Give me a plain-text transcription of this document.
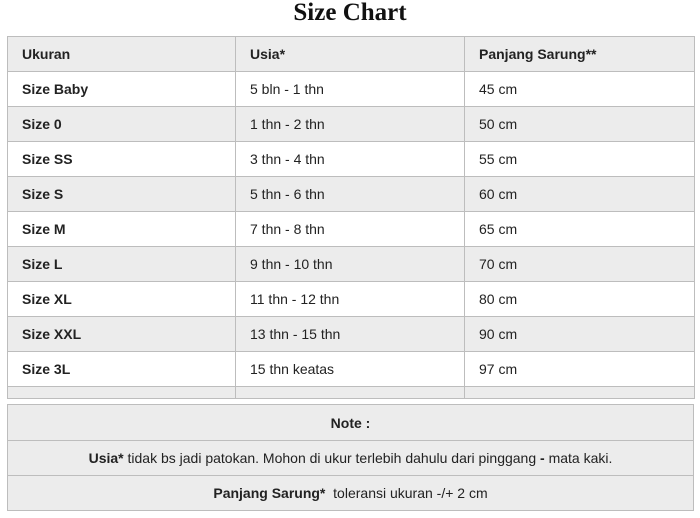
Size Chart
Ukuran	Usia*	Panjang Sarung**
Size Baby	5 bln - 1 thn	45 cm
Size 0	1 thn - 2 thn	50 cm
Size SS	3 thn - 4 thn	55 cm
Size S	5 thn - 6 thn	60 cm
Size M	7 thn - 8 thn	65 cm
Size L	9 thn - 10 thn	70 cm
Size XL	11 thn - 12 thn	80 cm
Size XXL	13 thn - 15 thn	90 cm
Size 3L	15 thn keatas	97 cm

Note :
Usia* tidak bs jadi patokan. Mohon di ukur terlebih dahulu dari pinggang - mata kaki.
Panjang Sarung*  toleransi ukuran -/+ 2 cm
